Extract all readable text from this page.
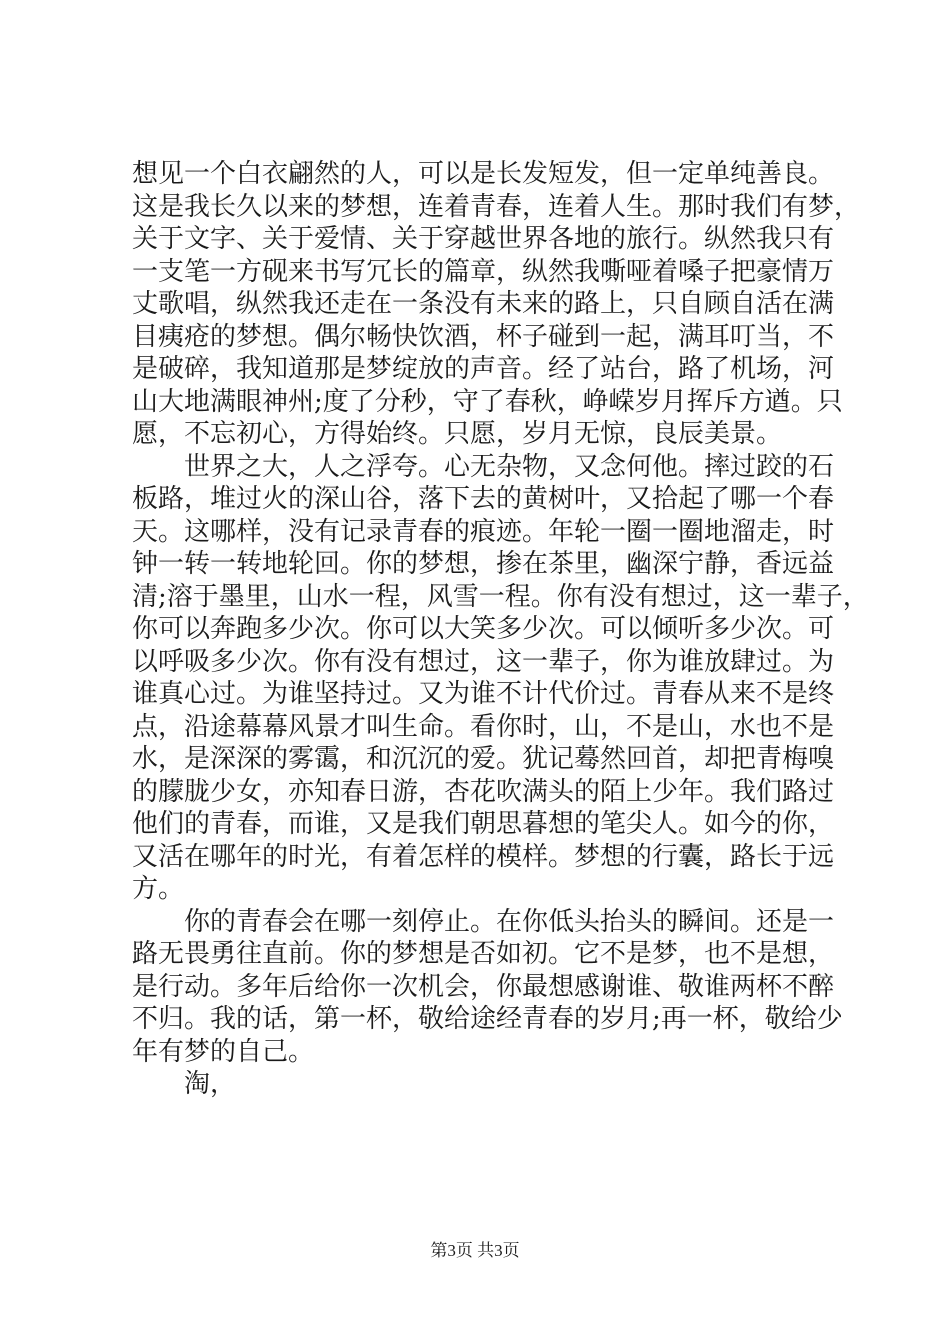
想见一个白衣翩然的人，可以是长发短发，但一定单纯善良。
这是我长久以来的梦想，连着青春，连着人生。那时我们有梦，
关于文字、关于爱情、关于穿越世界各地的旅行。纵然我只有
一支笔一方砚来书写冗长的篇章，纵然我嘶哑着嗓子把豪情万
丈歌唱，纵然我还走在一条没有未来的路上，只自顾自活在满
目痍疮的梦想。偶尔畅快饮酒，杯子碰到一起，满耳叮当，不
是破碎，我知道那是梦绽放的声音。经了站台，路了机场，河
山大地满眼神州;度了分秒，守了春秋，峥嵘岁月挥斥方遒。只
愿，不忘初心，方得始终。只愿，岁月无惊，良辰美景。
　　世界之大，人之浮夸。心无杂物，又念何他。摔过跤的石
板路，堆过火的深山谷，落下去的黄树叶，又拾起了哪一个春
天。这哪样，没有记录青春的痕迹。年轮一圈一圈地溜走，时
钟一转一转地轮回。你的梦想，掺在茶里，幽深宁静，香远益
清;溶于墨里，山水一程，风雪一程。你有没有想过，这一辈子，
你可以奔跑多少次。你可以大笑多少次。可以倾听多少次。可
以呼吸多少次。你有没有想过，这一辈子，你为谁放肆过。为
谁真心过。为谁坚持过。又为谁不计代价过。青春从来不是终
点，沿途幕幕风景才叫生命。看你时，山，不是山，水也不是
水，是深深的雾霭，和沉沉的爱。犹记蓦然回首，却把青梅嗅
的朦胧少女，亦知春日游，杏花吹满头的陌上少年。我们路过
他们的青春，而谁，又是我们朝思暮想的笔尖人。如今的你，
又活在哪年的时光，有着怎样的模样。梦想的行囊，路长于远
方。
　　你的青春会在哪一刻停止。在你低头抬头的瞬间。还是一
路无畏勇往直前。你的梦想是否如初。它不是梦，也不是想，
是行动。多年后给你一次机会，你最想感谢谁、敬谁两杯不醉
不归。我的话，第一杯，敬给途经青春的岁月;再一杯，敬给少
年有梦的自己。
　　淘，
第3页 共3页
